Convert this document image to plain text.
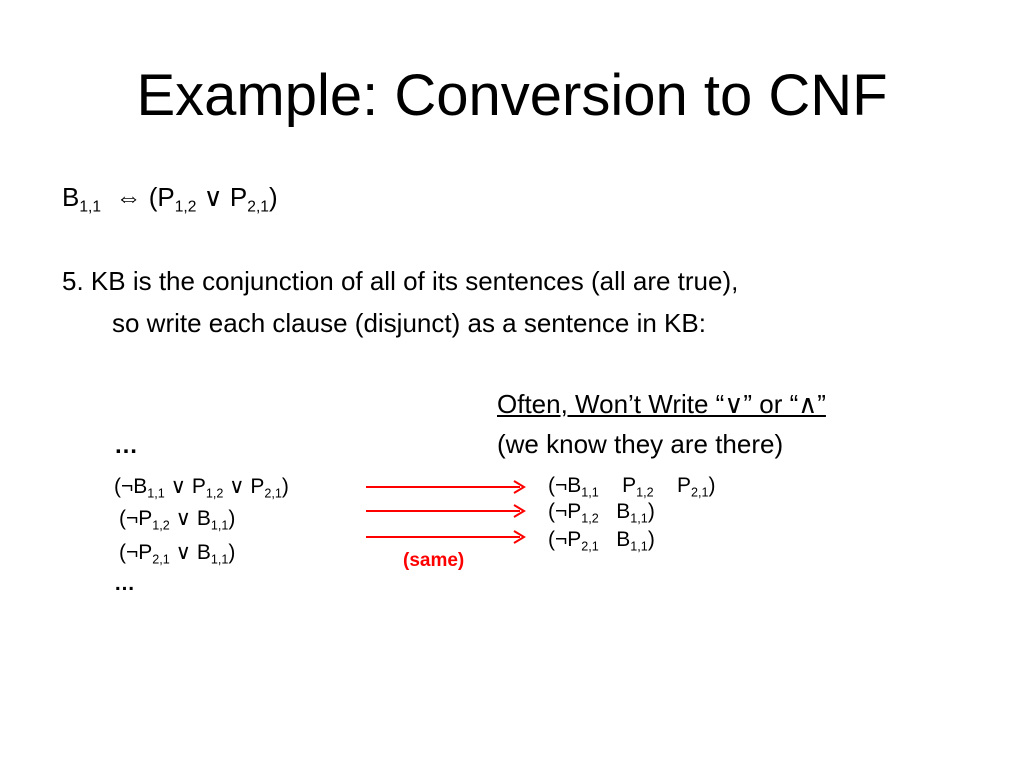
Example: Conversion to CNF
$B_{1,1}$ ⇔ ($P_{1,2}$ ∨ $P_{2,1}$)
5. KB is the conjunction of all of its sentences (all are true),
so write each clause (disjunct) as a sentence in KB:
Often, Won’t Write “∨” or “∧”
(we know they are there)
…
($\neg B_{1,1}$ ∨ $P_{1,2}$ ∨ $P_{2,1}$)
($\neg P_{1,2}$ ∨ $B_{1,1}$)
($\neg P_{2,1}$ ∨ $B_{1,1}$)
…
($\neg B_{1,1}$    $P_{1,2}$    $P_{2,1}$)
($\neg P_{1,2}$   $B_{1,1}$)
($\neg P_{2,1}$   $B_{1,1}$)
(same)
